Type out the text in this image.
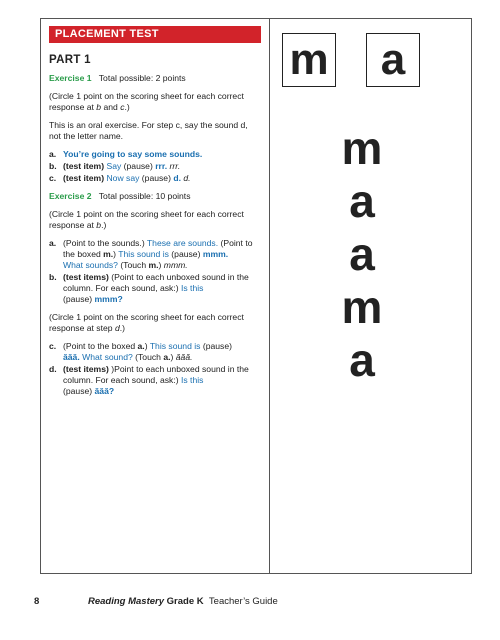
PLACEMENT TEST
PART 1
Exercise 1 Total possible: 2 points
(Circle 1 point on the scoring sheet for each correct response at b and c.)
This is an oral exercise. For step c, say the sound d, not the letter name.
a. You’re going to say some sounds.
b. (test item) Say (pause) rrr. rrr.
c. (test item) Now say (pause) d. d.
Exercise 2 Total possible: 10 points
(Circle 1 point on the scoring sheet for each correct response at b.)
a. (Point to the sounds.) These are sounds. (Point to the boxed m.) This sound is (pause) mmm.
What sounds? (Touch m.) mmm.
b. (test items) (Point to each unboxed sound in the column. For each sound, ask:) Is this
(pause) mmm?
(Circle 1 point on the scoring sheet for each correct response at step d.)
c. (Point to the boxed a.) This sound is (pause)
ăăă. What sound? (Touch a.) ăăă.
d. (test items) )Point to each unboxed sound in the column. For each sound, ask:) Is this
(pause) ăăă?
m	a
m
a
a
m
a
8	Reading Mastery Grade K Teacher’s Guide
